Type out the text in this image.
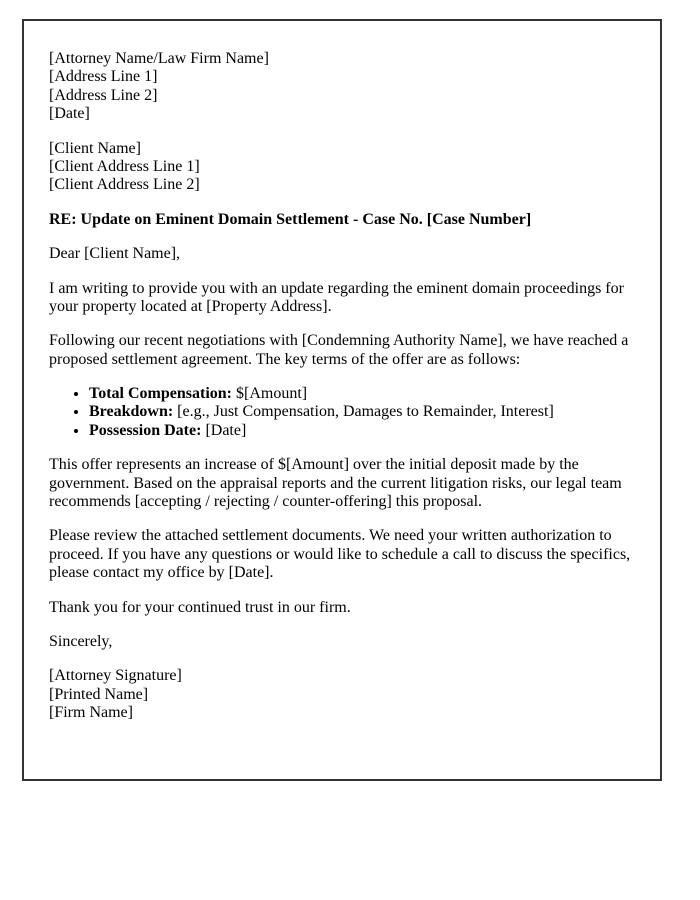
[Attorney Name/Law Firm Name]
[Address Line 1]
[Address Line 2]
[Date]

[Client Name]
[Client Address Line 1]
[Client Address Line 2]

RE: Update on Eminent Domain Settlement - Case No. [Case Number]

Dear [Client Name],

I am writing to provide you with an update regarding the eminent domain proceedings for your property located at [Property Address].

Following our recent negotiations with [Condemning Authority Name], we have reached a proposed settlement agreement. The key terms of the offer are as follows:

• Total Compensation: $[Amount]
• Breakdown: [e.g., Just Compensation, Damages to Remainder, Interest]
• Possession Date: [Date]

This offer represents an increase of $[Amount] over the initial deposit made by the government. Based on the appraisal reports and the current litigation risks, our legal team recommends [accepting / rejecting / counter-offering] this proposal.

Please review the attached settlement documents. We need your written authorization to proceed. If you have any questions or would like to schedule a call to discuss the specifics, please contact my office by [Date].

Thank you for your continued trust in our firm.

Sincerely,

[Attorney Signature]
[Printed Name]
[Firm Name]
